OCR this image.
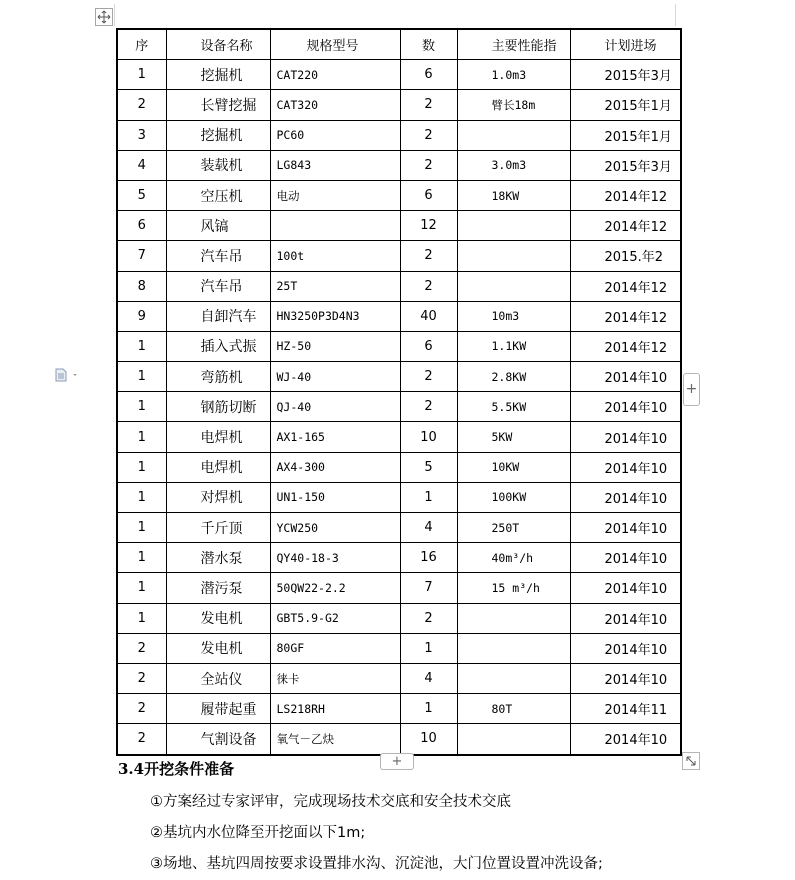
序	设备名称	规格型号	数	主要性能指	计划进场
1	挖掘机	CAT220	6	1.0m3	2015年3月
2	长臂挖掘	CAT320	2	臂长18m	2015年1月
3	挖掘机	PC60	2		2015年1月
4	装载机	LG843	2	3.0m3	2015年3月
5	空压机	电动	6	18KW	2014年12
6	风镐		12		2014年12
7	汽车吊	100t	2		2015.年2
8	汽车吊	25T	2		2014年12
9	自卸汽车	HN3250P3D4N3	40	10m3	2014年12
1	插入式振	HZ-50	6	1.1KW	2014年12
1	弯筋机	WJ-40	2	2.8KW	2014年10
1	钢筋切断	QJ-40	2	5.5KW	2014年10
1	电焊机	AX1-165	10	5KW	2014年10
1	电焊机	AX4-300	5	10KW	2014年10
1	对焊机	UN1-150	1	100KW	2014年10
1	千斤顶	YCW250	4	250T	2014年10
1	潜水泵	QY40-18-3	16	40m³/h	2014年10
1	潜污泵	50QW22-2.2	7	15 m³/h	2014年10
1	发电机	GBT5.9-G2	2		2014年10
2	发电机	80GF	1		2014年10
2	全站仪	徕卡	4		2014年10
2	履带起重	LS218RH	1	80T	2014年11
2	气割设备	氧气－乙炔	10		2014年10
+
+
3.4开挖条件准备
①方案经过专家评审，完成现场技术交底和安全技术交底
②基坑内水位降至开挖面以下1m;
③场地、基坑四周按要求设置排水沟、沉淀池，大门位置设置冲洗设备;
